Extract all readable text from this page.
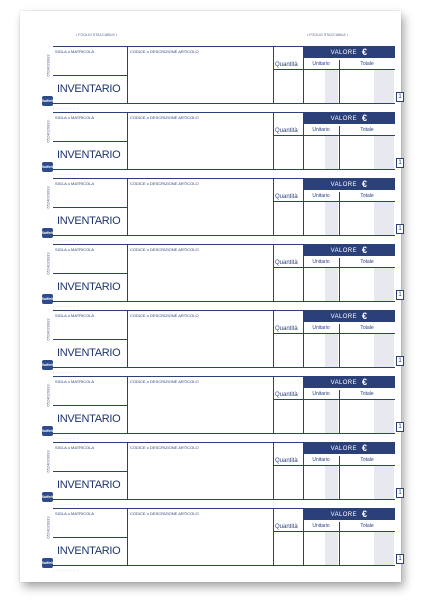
• FOGLIO STACCABILE •	• FOGLIO STACCABILE •
6524020033
Buffetti
SIGLA o MATRICOLA	CODICE o DESCRIZIONE ARTICOLO
INVENTARIO
Quantità
VALORE €
Unitario	Totale
1
- - - - - - - -
6524020033
Buffetti
SIGLA o MATRICOLA	CODICE o DESCRIZIONE ARTICOLO
INVENTARIO
Quantità
VALORE €
Unitario	Totale
1
- - - - - - - -
6524020033
Buffetti
SIGLA o MATRICOLA	CODICE o DESCRIZIONE ARTICOLO
INVENTARIO
Quantità
VALORE €
Unitario	Totale
1
- - - - - - - -
6524020033
Buffetti
SIGLA o MATRICOLA	CODICE o DESCRIZIONE ARTICOLO
INVENTARIO
Quantità
VALORE €
Unitario	Totale
1
- - - - - - - -
6524020033
Buffetti
SIGLA o MATRICOLA	CODICE o DESCRIZIONE ARTICOLO
INVENTARIO
Quantità
VALORE €
Unitario	Totale
1
- - - - - - - -
6524020033
Buffetti
SIGLA o MATRICOLA	CODICE o DESCRIZIONE ARTICOLO
INVENTARIO
Quantità
VALORE €
Unitario	Totale
1
- - - - - - - -
6524020033
Buffetti
SIGLA o MATRICOLA	CODICE o DESCRIZIONE ARTICOLO
INVENTARIO
Quantità
VALORE €
Unitario	Totale
1
- - - - - - - -
6524020033
Buffetti
SIGLA o MATRICOLA	CODICE o DESCRIZIONE ARTICOLO
INVENTARIO
Quantità
VALORE €
Unitario	Totale
1
- - - - - - - -
